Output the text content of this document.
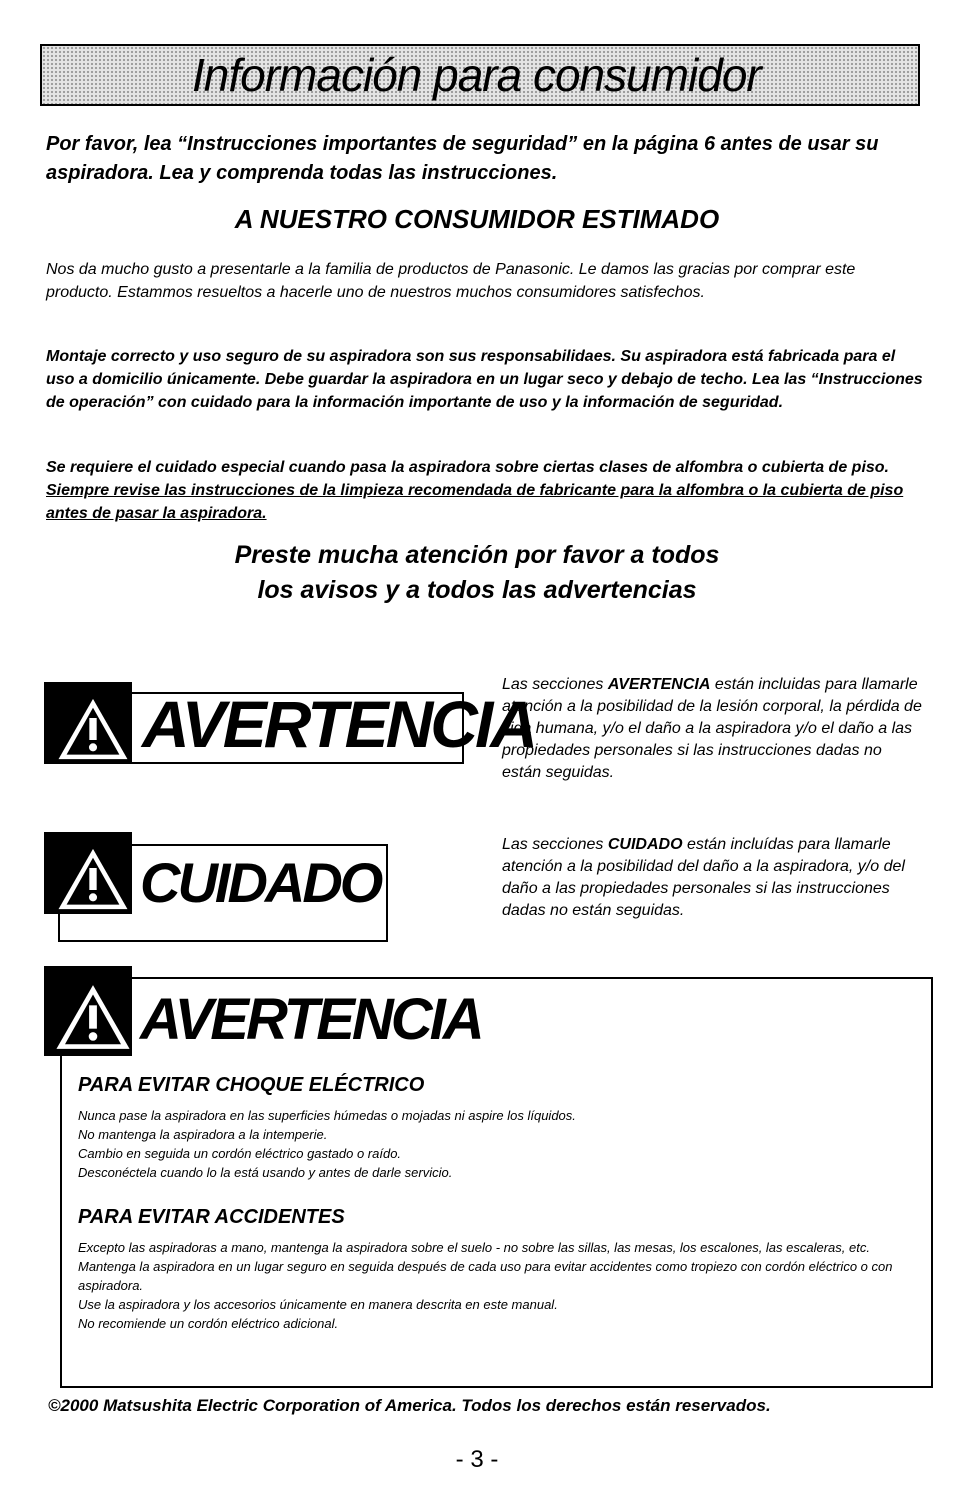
Información para consumidor
Por favor, lea “Instrucciones importantes de seguridad” en la página 6 antes de usar su aspiradora. Lea y comprenda todas las instrucciones.
A NUESTRO CONSUMIDOR ESTIMADO
Nos da mucho gusto a presentarle a la familia de productos de Panasonic. Le damos las gracias por comprar este producto. Estammos resueltos a hacerle uno de nuestros muchos consumidores satisfechos.
Montaje correcto y uso seguro de su aspiradora son sus responsabilidaes. Su aspiradora está fabricada para el uso a domicilio únicamente. Debe guardar la aspiradora en un lugar seco y debajo de techo. Lea las “Instrucciones de operación” con cuidado para la información importante de uso y la información de seguridad.
Se requiere el cuidado especial cuando pasa la aspiradora sobre ciertas clases de alfombra o cubierta de piso. Siempre revise las instrucciones de la limpieza recomendada de fabricante para la alfombra o la cubierta de piso antes de pasar la aspiradora.
Preste mucha atención por favor a todos
los avisos y a todos las advertencias
AVERTENCIA
Las secciones AVERTENCIA están incluidas para llamarle atención a la posibilidad de la lesión corporal, la pérdida de vida humana, y/o el daño a la aspiradora y/o el daño a las propiedades personales si las instrucciones dadas no están seguidas.
CUIDADO
Las secciones CUIDADO están incluídas para llamarle atención a la posibilidad del daño a la aspiradora, y/o del daño a las propiedades personales si las instrucciones dadas no están seguidas.
AVERTENCIA
PARA EVITAR CHOQUE ELÉCTRICO
Nunca pase la aspiradora en las superficies húmedas o mojadas ni aspire los líquidos.
No mantenga la aspiradora a la intemperie.
Cambio en seguida un cordón eléctrico gastado o raído.
Desconéctela cuando lo la está usando y antes de darle servicio.
PARA EVITAR ACCIDENTES
Excepto las aspiradoras a mano, mantenga la aspiradora sobre el suelo - no sobre las sillas, las mesas, los escalones, las escaleras, etc.
Mantenga la aspiradora en un lugar seguro en seguida después de cada uso para evitar accidentes como tropiezo con cordón eléctrico o con aspiradora.
Use la aspiradora y los accesorios únicamente en manera descrita en este manual.
No recomiende un cordón eléctrico adicional.
©2000 Matsushita Electric Corporation of America. Todos los derechos están reservados.
- 3 -
